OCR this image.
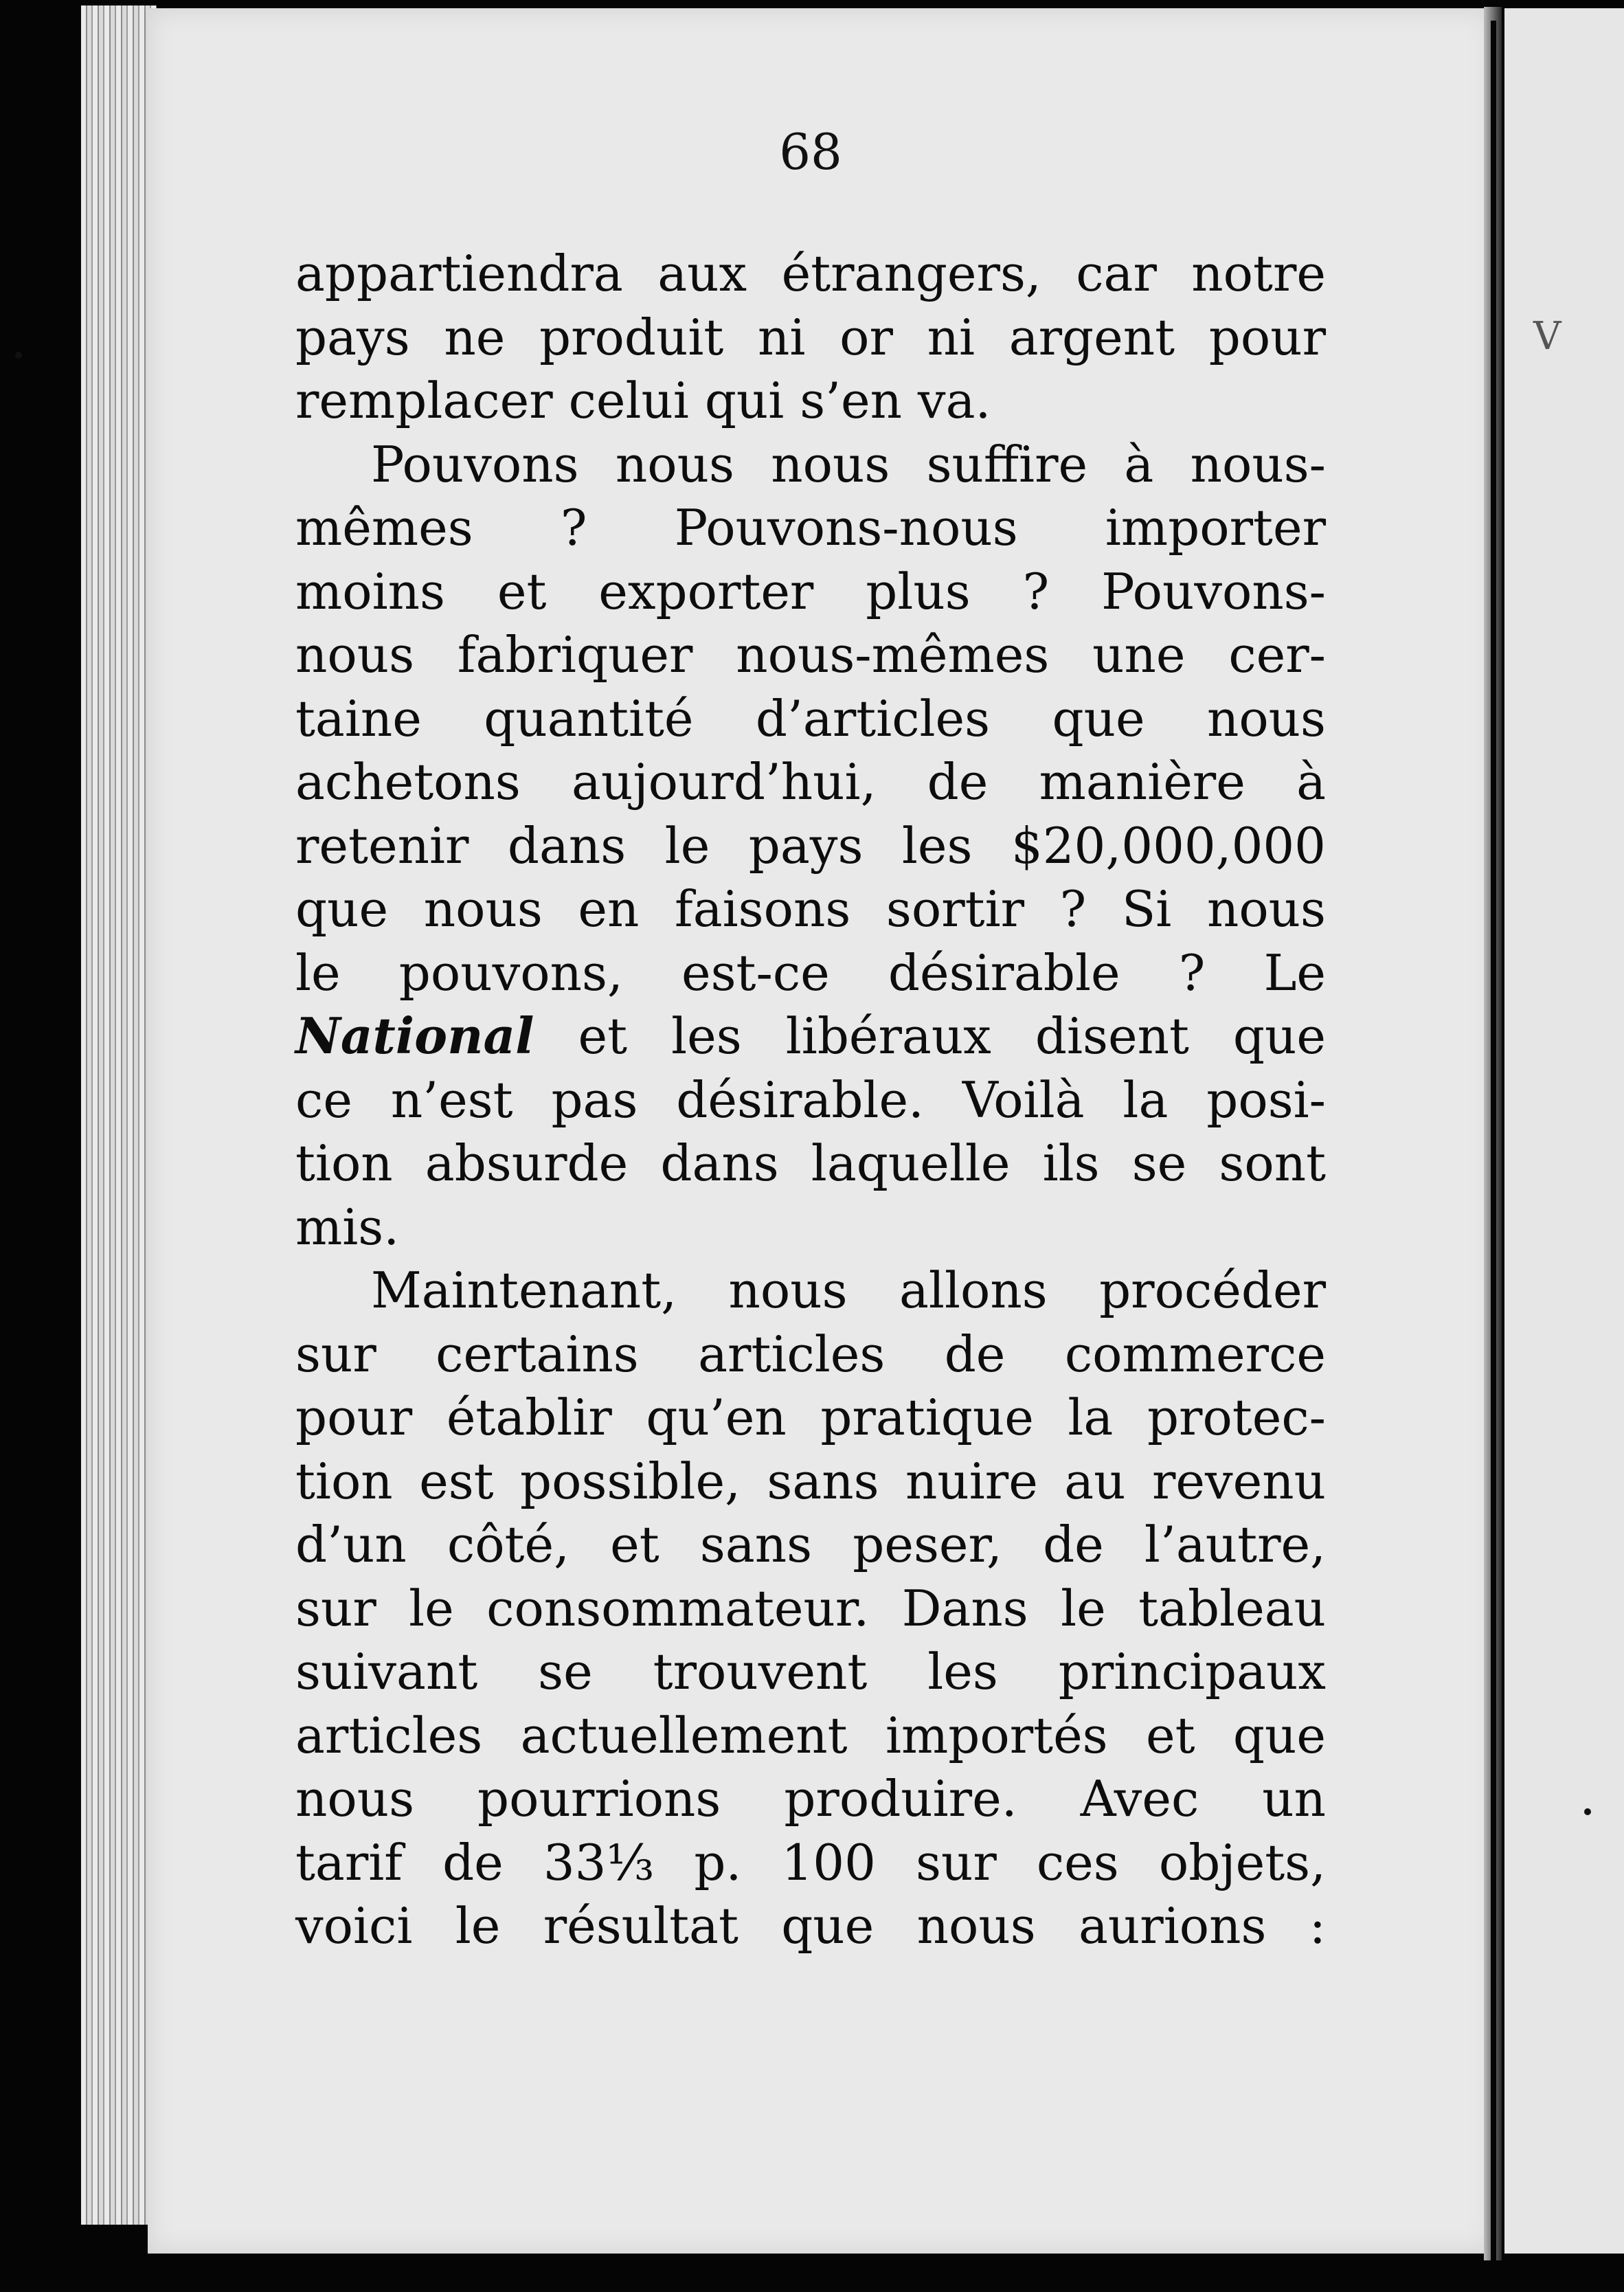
V
68
appartiendra aux étrangers, car notre
pays ne produit ni or ni argent pour
remplacer celui qui s’en va.
Pouvons nous nous suffire à nous-
mêmes ? Pouvons-nous importer
moins et exporter plus ? Pouvons-
nous fabriquer nous-mêmes une cer-
taine quantité d’articles que nous
achetons aujourd’hui, de manière à
retenir dans le pays les $20,000,000
que nous en faisons sortir ? Si nous
le pouvons, est-ce désirable ? Le
National et les libéraux disent que
ce n’est pas désirable. Voilà la posi-
tion absurde dans laquelle ils se sont
mis.
Maintenant, nous allons procéder
sur certains articles de commerce
pour établir qu’en pratique la protec-
tion est possible, sans nuire au revenu
d’un côté, et sans peser, de l’autre,
sur le consommateur. Dans le tableau
suivant se trouvent les principaux
articles actuellement importés et que
nous pourrions produire. Avec un
tarif de 33⅓ p. 100 sur ces objets,
voici le résultat que nous aurions :
